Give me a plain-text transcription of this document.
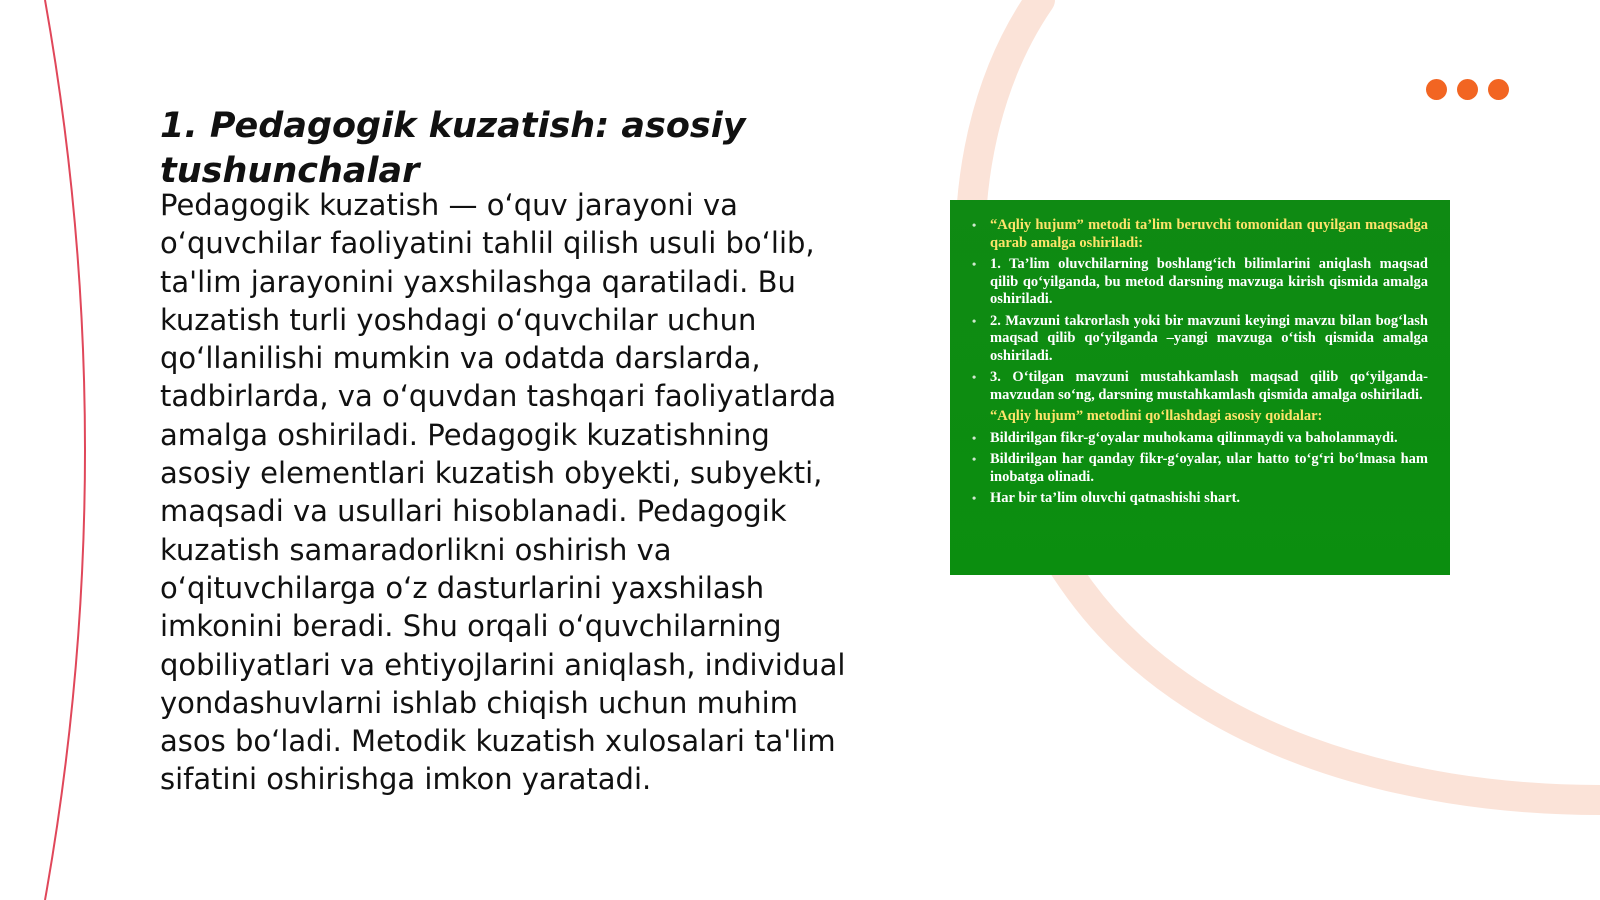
1. Pedagogik kuzatish: asosiy tushunchalar

Pedagogik kuzatish — o‘quv jarayoni va o‘quvchilar faoliyatini tahlil qilish usuli bo‘lib, ta'lim jarayonini yaxshilashga qaratiladi. Bu kuzatish turli yoshdagi o‘quvchilar uchun qo‘llanilishi mumkin va odatda darslarda, tadbirlarda, va o‘quvdan tashqari faoliyatlarda amalga oshiriladi. Pedagogik kuzatishning asosiy elementlari kuzatish obyekti, subyekti, maqsadi va usullari hisoblanadi. Pedagogik kuzatish samaradorlikni oshirish va o‘qituvchilarga o‘z dasturlarini yaxshilash imkonini beradi. Shu orqali o‘quvchilarning qobiliyatlari va ehtiyojlarini aniqlash, individual yondashuvlarni ishlab chiqish uchun muhim asos bo‘ladi. Metodik kuzatish xulosalari ta'lim sifatini oshirishga imkon yaratadi.

• “Aqliy hujum” metodi ta’lim beruvchi tomonidan quyilgan maqsadga qarab amalga oshiriladi:
• 1. Ta’lim oluvchilarning boshlang‘ich bilimlarini aniqlash maqsad qilib qo‘yilganda, bu metod darsning mavzuga kirish qismida amalga oshiriladi.
• 2. Mavzuni takrorlash yoki bir mavzuni keyingi mavzu bilan bog‘lash maqsad qilib qo‘yilganda –yangi mavzuga o‘tish qismida amalga oshiriladi.
• 3. O‘tilgan mavzuni mustahkamlash maqsad qilib qo‘yilganda-mavzudan so‘ng, darsning mustahkamlash qismida amalga oshiriladi.
“Aqliy hujum” metodini qo‘llashdagi asosiy qoidalar:
• Bildirilgan fikr-g‘oyalar muhokama qilinmaydi va baholanmaydi.
• Bildirilgan har qanday fikr-g‘oyalar, ular hatto to‘g‘ri bo‘lmasa ham inobatga olinadi.
• Har bir ta’lim oluvchi qatnashishi shart.
